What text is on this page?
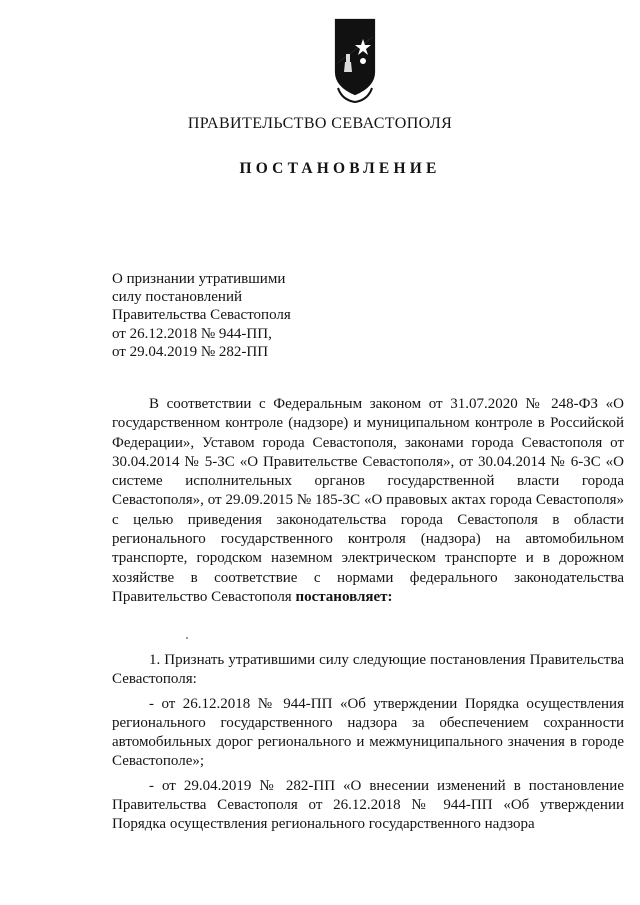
ПРАВИТЕЛЬСТВО СЕВАСТОПОЛЯ
ПОСТАНОВЛЕНИЕ
О признании утратившими
силу постановлений
Правительства Севастополя
от 26.12.2018 № 944-ПП,
от 29.04.2019 № 282-ПП

В соответствии с Федеральным законом от 31.07.2020 № 248-ФЗ «О государственном контроле (надзоре) и муниципальном контроле в Российской Федерации», Уставом города Севастополя, законами города Севастополя от 30.04.2014 № 5-ЗС «О Правительстве Севастополя», от 30.04.2014 № 6-ЗС «О системе исполнительных органов государственной власти города Севастополя», от 29.09.2015 № 185-ЗС «О правовых актах города Севастополя» с целью приведения законодательства города Севастополя в области регионального государственного контроля (надзора) на автомобильном транспорте, городском наземном электрическом транспорте и в дорожном хозяйстве в соответствие с нормами федерального законодательства Правительство Севастополя постановляет:

1. Признать утратившими силу следующие постановления Правительства Севастополя:

- от 26.12.2018 № 944-ПП «Об утверждении Порядка осуществления регионального государственного надзора за обеспечением сохранности автомобильных дорог регионального и межмуниципального значения в городе Севастополе»;

- от 29.04.2019 № 282-ПП «О внесении изменений в постановление Правительства Севастополя от 26.12.2018 № 944-ПП «Об утверждении Порядка осуществления регионального государственного надзора
